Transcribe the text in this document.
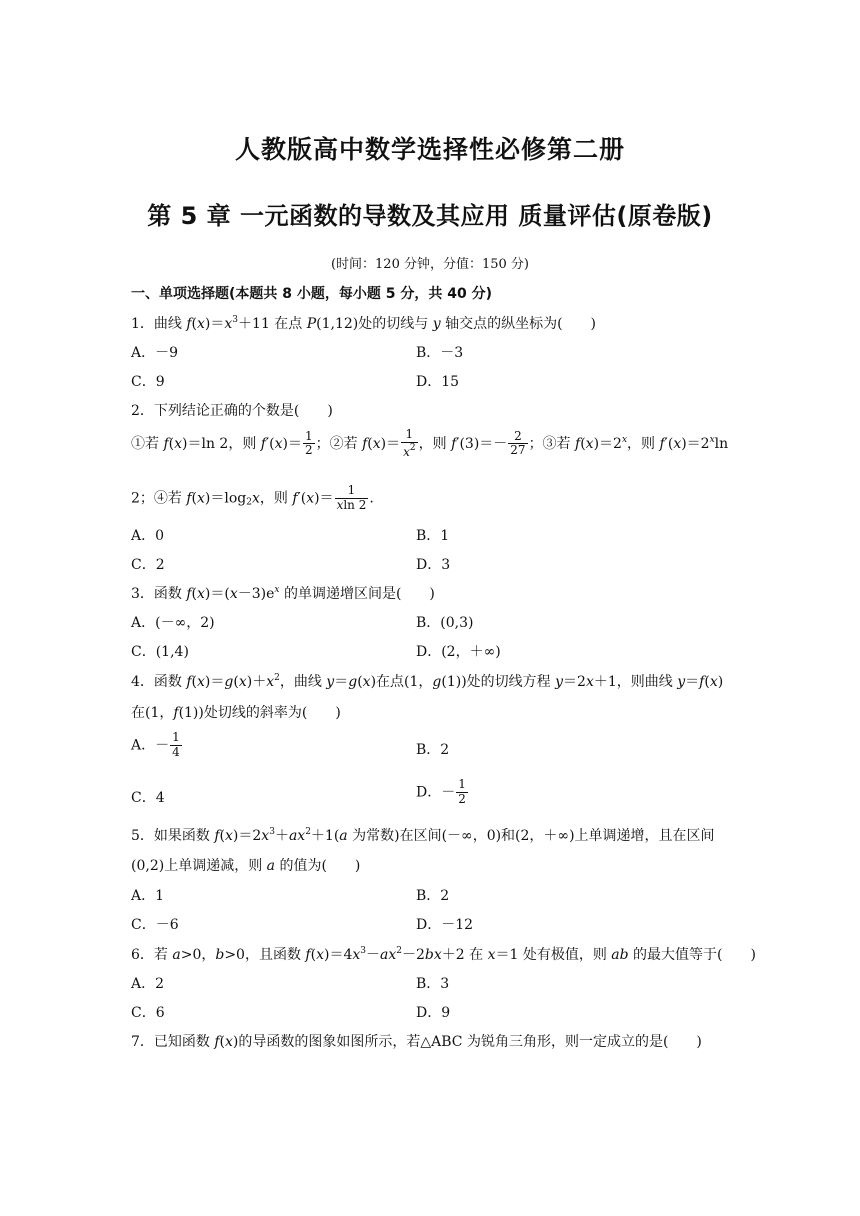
人教版高中数学选择性必修第二册
第 5 章 一元函数的导数及其应用 质量评估(原卷版)
(时间：120 分钟，分值：150 分)
一、单项选择题(本题共 8 小题，每小题 5 分，共 40 分)
1．曲线 $f(x)=x^3+11$ 在点 P(1,12)处的切线与 y 轴交点的纵坐标为(　　)
A．－9	B．－3
C．9	D．15
2．下列结论正确的个数是(　　)
①若 f(x)＝ln 2，则 $f'(x)= \frac{1}{2}$ ；②若 $f(x)= \frac{1}{x^2}$ ，则 $f'(3)=- \frac{2}{27}$ ；③若 $f(x)=2^x$，则 $f'(x)=2^x\ln$
2；④若 $f(x)=\log_2x$，则 $f'(x)= \frac{1}{xln 2}$ .
A．0	B．1
C．2	D．3
3．函数 $f(x)=(x-3)e^x$ 的单调递增区间是(　　)
A．(－∞，2)	B．(0,3)
C．(1,4)	D．(2，＋∞)
4．函数 $f(x)=g(x)+x^2$，曲线 y＝g(x)在点(1，g(1))处的切线方程 y＝2x＋1，则曲线 y＝f(x)
在(1，f(1))处切线的斜率为(　　)
A．－ $\frac{1}{4}$	B．2
C．4	D．－ $\frac{1}{2}$
5．如果函数 $f(x)=2x^3+ax^2+1(a$ 为常数)在区间(－∞，0)和(2，＋∞)上单调递增，且在区间
(0,2)上单调递减，则 a 的值为(　　)
A．1	B．2
C．－6	D．－12
6．若 a>0，b>0，且函数 $f(x)=4x^3-ax^2-2bx+2$ 在 x＝1 处有极值，则 ab 的最大值等于(　　)
A．2	B．3
C．6	D．9
7．已知函数 f(x)的导函数的图象如图所示，若△ABC 为锐角三角形，则一定成立的是(　　)
